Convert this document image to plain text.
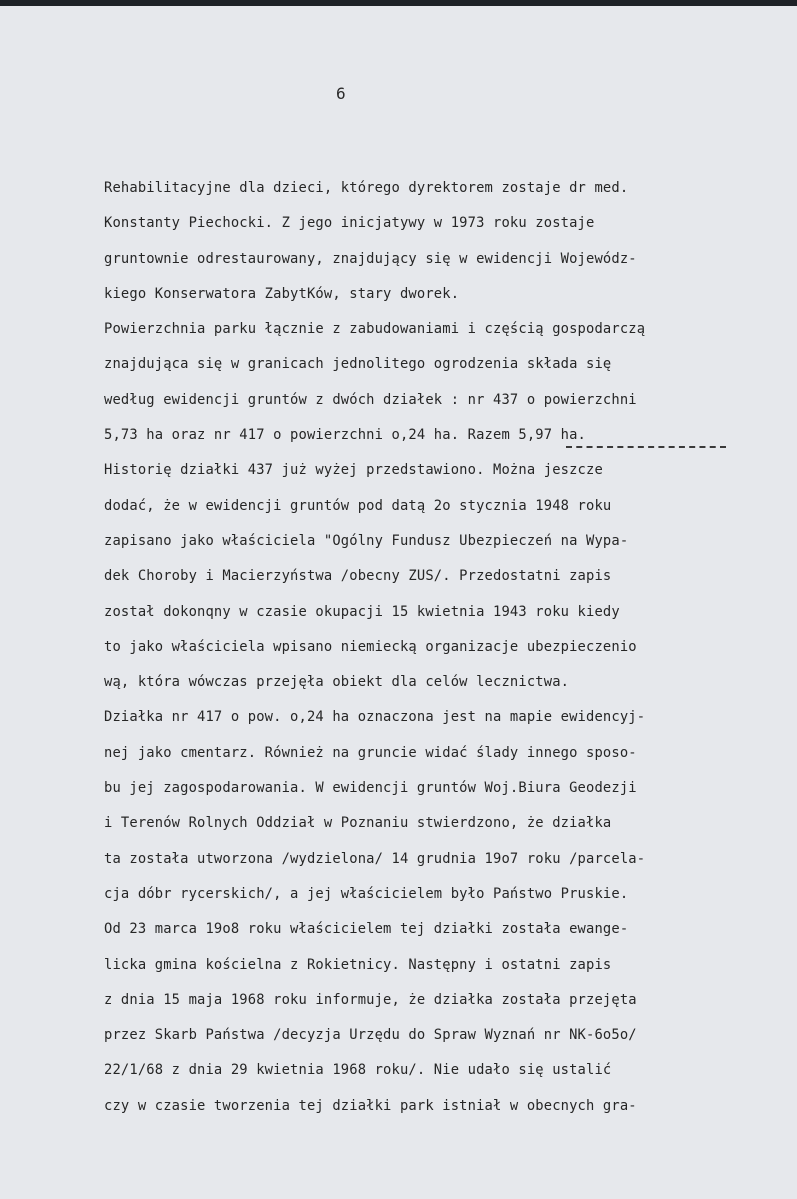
6
Rehabilitacyjne dla dzieci, którego dyrektorem zostaje dr med.
Konstanty Piechocki. Z jego inicjatywy w 1973 roku zostaje
gruntownie odrestaurowany, znajdujący się w ewidencji Wojewódz-
kiego Konserwatora ZabytKów, stary dworek.
Powierzchnia parku łącznie z zabudowaniami i częścią gospodarczą
znajdująca się w granicach jednolitego ogrodzenia składa się
według ewidencji gruntów z dwóch działek : nr 437 o powierzchni
5,73 ha oraz nr 417 o powierzchni o,24 ha. Razem 5,97 ha.
Historię działki 437 już wyżej przedstawiono. Można jeszcze
dodać, że w ewidencji gruntów pod datą 2o stycznia 1948 roku
zapisano jako właściciela "Ogólny Fundusz Ubezpieczeń na Wypa-
dek Choroby i Macierzyństwa /obecny ZUS/. Przedostatni zapis
został dokonqny w czasie okupacji 15 kwietnia 1943 roku kiedy
to jako właściciela wpisano niemiecką organizacje ubezpieczenio
wą, która wówczas przejęła obiekt dla celów lecznictwa.
Działka nr 417 o pow. o,24 ha oznaczona jest na mapie ewidencyj-
nej jako cmentarz. Również na gruncie widać ślady innego sposo-
bu jej zagospodarowania. W ewidencji gruntów Woj.Biura Geodezji
i Terenów Rolnych Oddział w Poznaniu stwierdzono, że działka
ta została utworzona /wydzielona/ 14 grudnia 19o7 roku /parcela-
cja dóbr rycerskich/, a jej właścicielem było Państwo Pruskie.
Od 23 marca 19o8 roku właścicielem tej działki została ewange-
licka gmina kościelna z Rokietnicy. Następny i ostatni zapis
z dnia 15 maja 1968 roku informuje, że działka została przejęta
przez Skarb Państwa /decyzja Urzędu do Spraw Wyznań nr NK-6o5o/
22/1/68 z dnia 29 kwietnia 1968 roku/. Nie udało się ustalić
czy w czasie tworzenia tej działki park istniał w obecnych gra-
